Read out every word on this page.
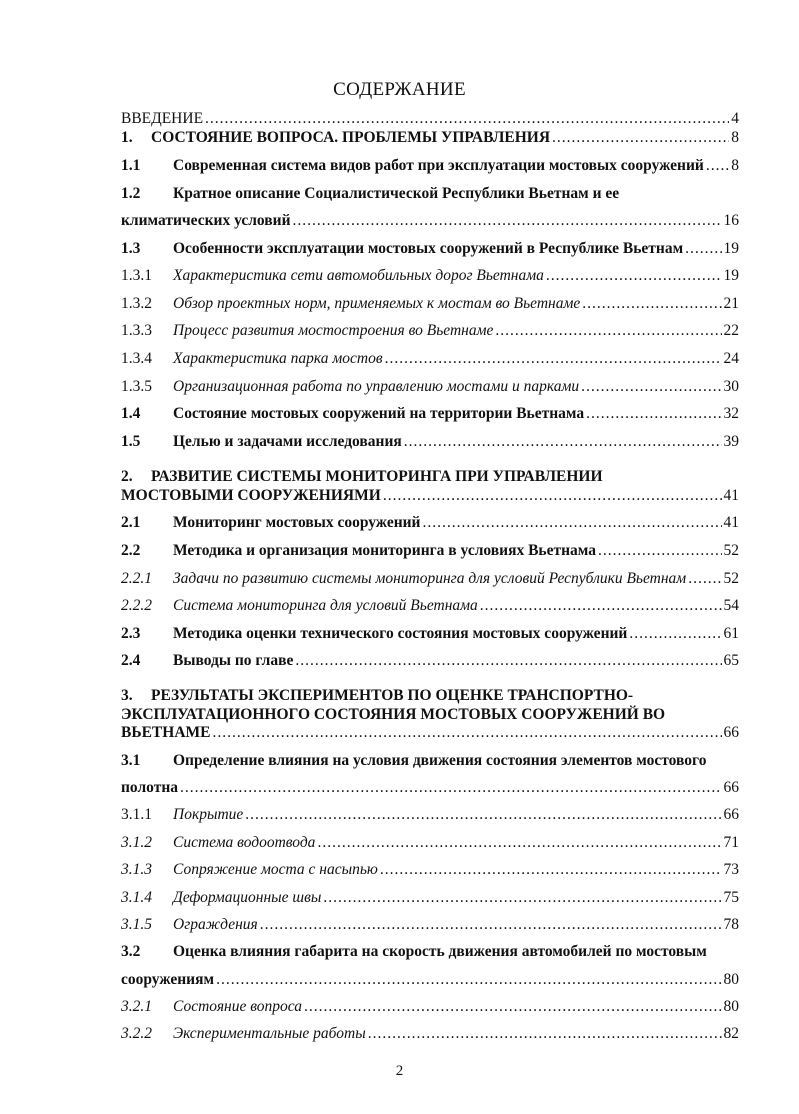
СОДЕРЖАНИЕ
ВВЕДЕНИЕ .....	4
1.	СОСТОЯНИЕ ВОПРОСА. ПРОБЛЕМЫ УПРАВЛЕНИЯ .....	8
1.1	Современная система видов работ при эксплуатации мостовых сооружений ..... 8
1.2 Кратное описание Социалистической Республики Вьетнам и ее
климатических условий .....	16
1.3	Особенности эксплуатации мостовых сооружений в Республике Вьетнам .....	19
1.3.1	Характеристика сети автомобильных дорог Вьетнама .....	19
1.3.2	Обзор проектных норм, применяемых к мостам во Вьетнаме .....	21
1.3.3	Процесс развития мостостроения во Вьетнаме .....	22
1.3.4	Характеристика парка мостов .....	24
1.3.5	Организационная работа по управлению мостами и парками .....	30
1.4	Состояние мостовых сооружений на территории Вьетнама .....	32
1.5	Целью и задачами исследования .....	39
2. РАЗВИТИЕ СИСТЕМЫ МОНИТОРИНГА ПРИ УПРАВЛЕНИИ
МОСТОВЫМИ СООРУЖЕНИЯМИ .....	41
2.1	Мониторинг мостовых сооружений .....	41
2.2	Методика и организация мониторинга в условиях Вьетнама .....	52
2.2.1	Задачи по развитию системы мониторинга для условий Республики Вьетнам ..... 52
2.2.2	Система мониторинга для условий Вьетнама .....	54
2.3	Методика оценки технического состояния мостовых сооружений .....	61
2.4	Выводы по главе .....	65
3. РЕЗУЛЬТАТЫ ЭКСПЕРИМЕНТОВ ПО ОЦЕНКЕ ТРАНСПОРТНО-
ЭКСПЛУАТАЦИОННОГО СОСТОЯНИЯ МОСТОВЫХ СООРУЖЕНИЙ ВО
ВЬЕТНАМЕ .....	66
3.1 Определение влияния на условия движения состояния элементов мостового
полотна .....	66
3.1.1	Покрытие .....	66
3.1.2	Система водоотвода .....	71
3.1.3	Сопряжение моста с насыпью .....	73
3.1.4	Деформационные швы .....	75
3.1.5	Ограждения .....	78
3.2 Оценка влияния габарита на скорость движения автомобилей по мостовым
сооружениям .....	80
3.2.1	Состояние вопроса .....	80
3.2.2	Экспериментальные работы .....	82
2
